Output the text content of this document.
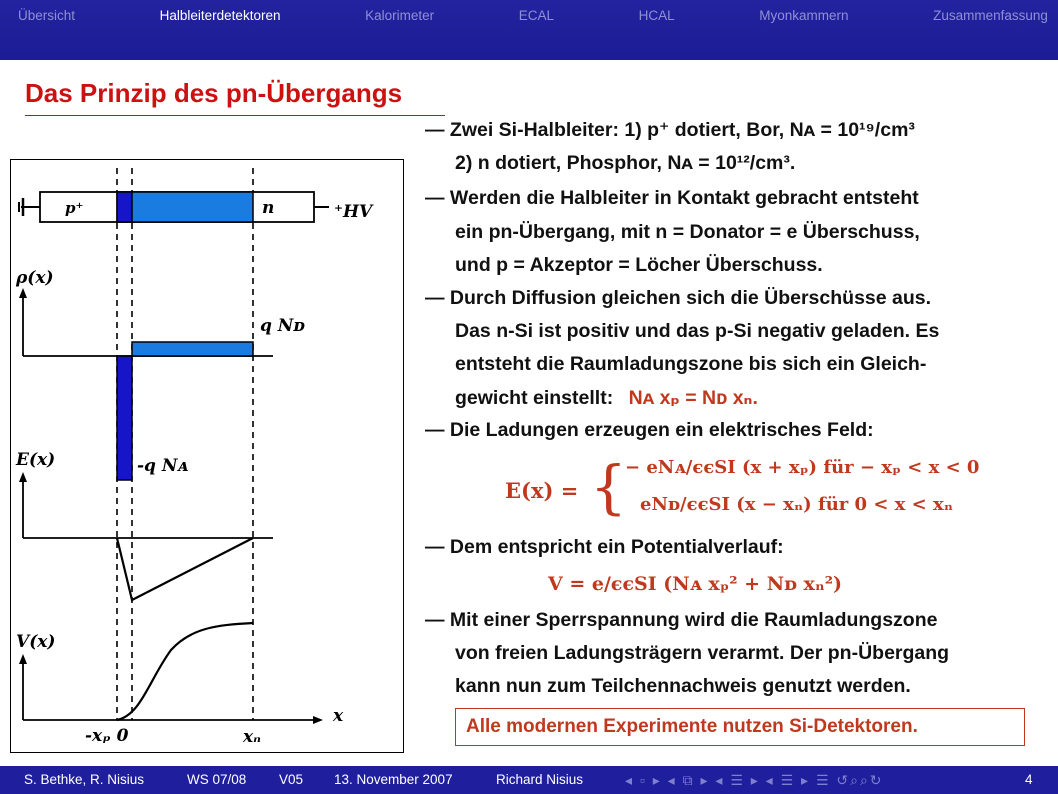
Übersicht	Halbleiterdetektoren	Kalorimeter	ECAL	HCAL	Myonkammern	Zusammenfassung
Das Prinzip des pn-Übergangs
p⁺	n	⁺HV
ρ(x)
q Nᴅ
-q Nᴀ
E(x)
V(x)
x
-xₚ 0	xₙ
— Zwei Si-Halbleiter: 1) p⁺ dotiert, Bor, Nᴀ = 10¹⁹/cm³
2) n dotiert, Phosphor, Nᴀ = 10¹²/cm³.
— Werden die Halbleiter in Kontakt gebracht entsteht
ein pn-Übergang, mit n = Donator = e Überschuss,
und p = Akzeptor = Löcher Überschuss.
— Durch Diffusion gleichen sich die Überschüsse aus.
Das n-Si ist positiv und das p-Si negativ geladen. Es
entsteht die Raumladungszone bis sich ein Gleich-
gewicht einstellt: Nᴀ xₚ = Nᴅ xₙ.
— Die Ladungen erzeugen ein elektrisches Feld:
— Dem entspricht ein Potentialverlauf:
— Mit einer Sperrspannung wird die Raumladungszone
von freien Ladungsträgern verarmt. Der pn-Übergang
kann nun zum Teilchennachweis genutzt werden.
E(x) = {
− eNᴀ/ϵϵSI (x + xₚ) für − xₚ < x < 0
eNᴅ/ϵϵSI (x − xₙ) für 0 < x < xₙ
V = e/ϵϵSI (Nᴀ xₚ² + Nᴅ xₙ²)
Alle modernen Experimente nutzen Si-Detektoren.
S. Bethke, R. Nisius	WS 07/08 V05 13. November 2007	Richard Nisius	◂ ▫ ▸ ◂ ⧉ ▸ ◂ ☰ ▸ ◂ ☰ ▸ ☰ ↺⌕⌕↻	4
